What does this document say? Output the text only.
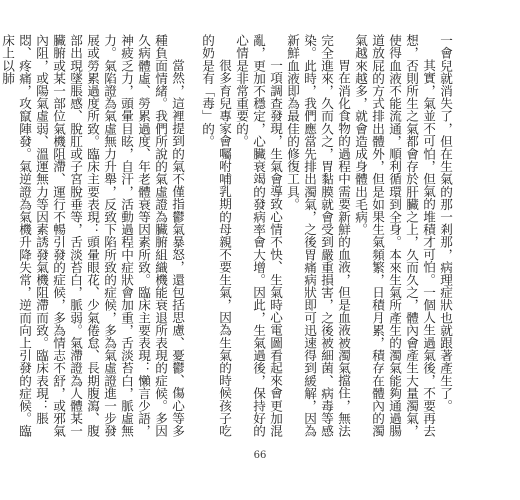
一會兒就消失了，但在生氣的那一剎那，病理症狀也就跟著產生了。

其實，氣並不可怕，但氣的堆積才可怕。一個人生過氣後，不要再去想，否則所生之氣都會存於肝臟之上，久而久之，體內會產生大量濁氣，使得血液不能流通，順利循環到全身。本來生氣所產生的濁氣能夠通過腸道放屁的方式排出體外，但是如果生氣頻繁，日積月累，積存在體內的濁氣越來越多，就會造成身體出毛病。

胃在消化食物的過程中需要新鮮的血液，但是血液被濁氣擋住，無法完全進來，久而久之，胃黏膜就會受到嚴重損害，之後被細菌、病毒等感染。此時，我們應當先排出濁氣，之後胃痛病狀即可迅速得到緩解，因為新鮮血液即為最佳的修復工具。

一項調查發現，生氣會導致心情不快、生氣時心電圖看起來會更加混亂，更加不穩定，心臟衰竭的發病率會大增。因此，生氣過後，保持好的心情是非常重要的。

很多育兒專家會囑咐哺乳期的母親不要生氣，因為生氣的時候孩子吃的奶是有「毒」的。

當然，這裡提到的氣不僅指鬱氣暴怒，還包括思慮、憂鬱、傷心等多種負面情緒。我們所說的氣虛證為臟腑組織機能衰退所表現的症候。多因久病體虛、勞累過度、年老體衰等因素所致。臨床主要表現：懶言少語，神疲乏力，頭暈目眩，自汗，活動過程中症狀會加重，舌淡苔白，脈虛無力。氣陷證為氣虛無力升舉，反致下陷所致的症候，多為氣虛證進一步發展或勞累過度所致。臨床主要表現：頭暈眼花、少氣倦怠、長期腹瀉、腹部出現墜脹感、脫肛或子宮脫垂等，舌淡苔白，脈弱。氣滯證為人體某一臟腑或某一部位氣機阻滯、運行不暢引發的症候，多為情志不舒，或邪氣內阻，或陽氣虛弱、溫運無力等因素誘發氣機阻滯而致。臨床表現：脹悶、疼痛，攻竄陣發。氣逆證為氣機升降失常，逆而向上引發的症候。臨床上以肺

66
